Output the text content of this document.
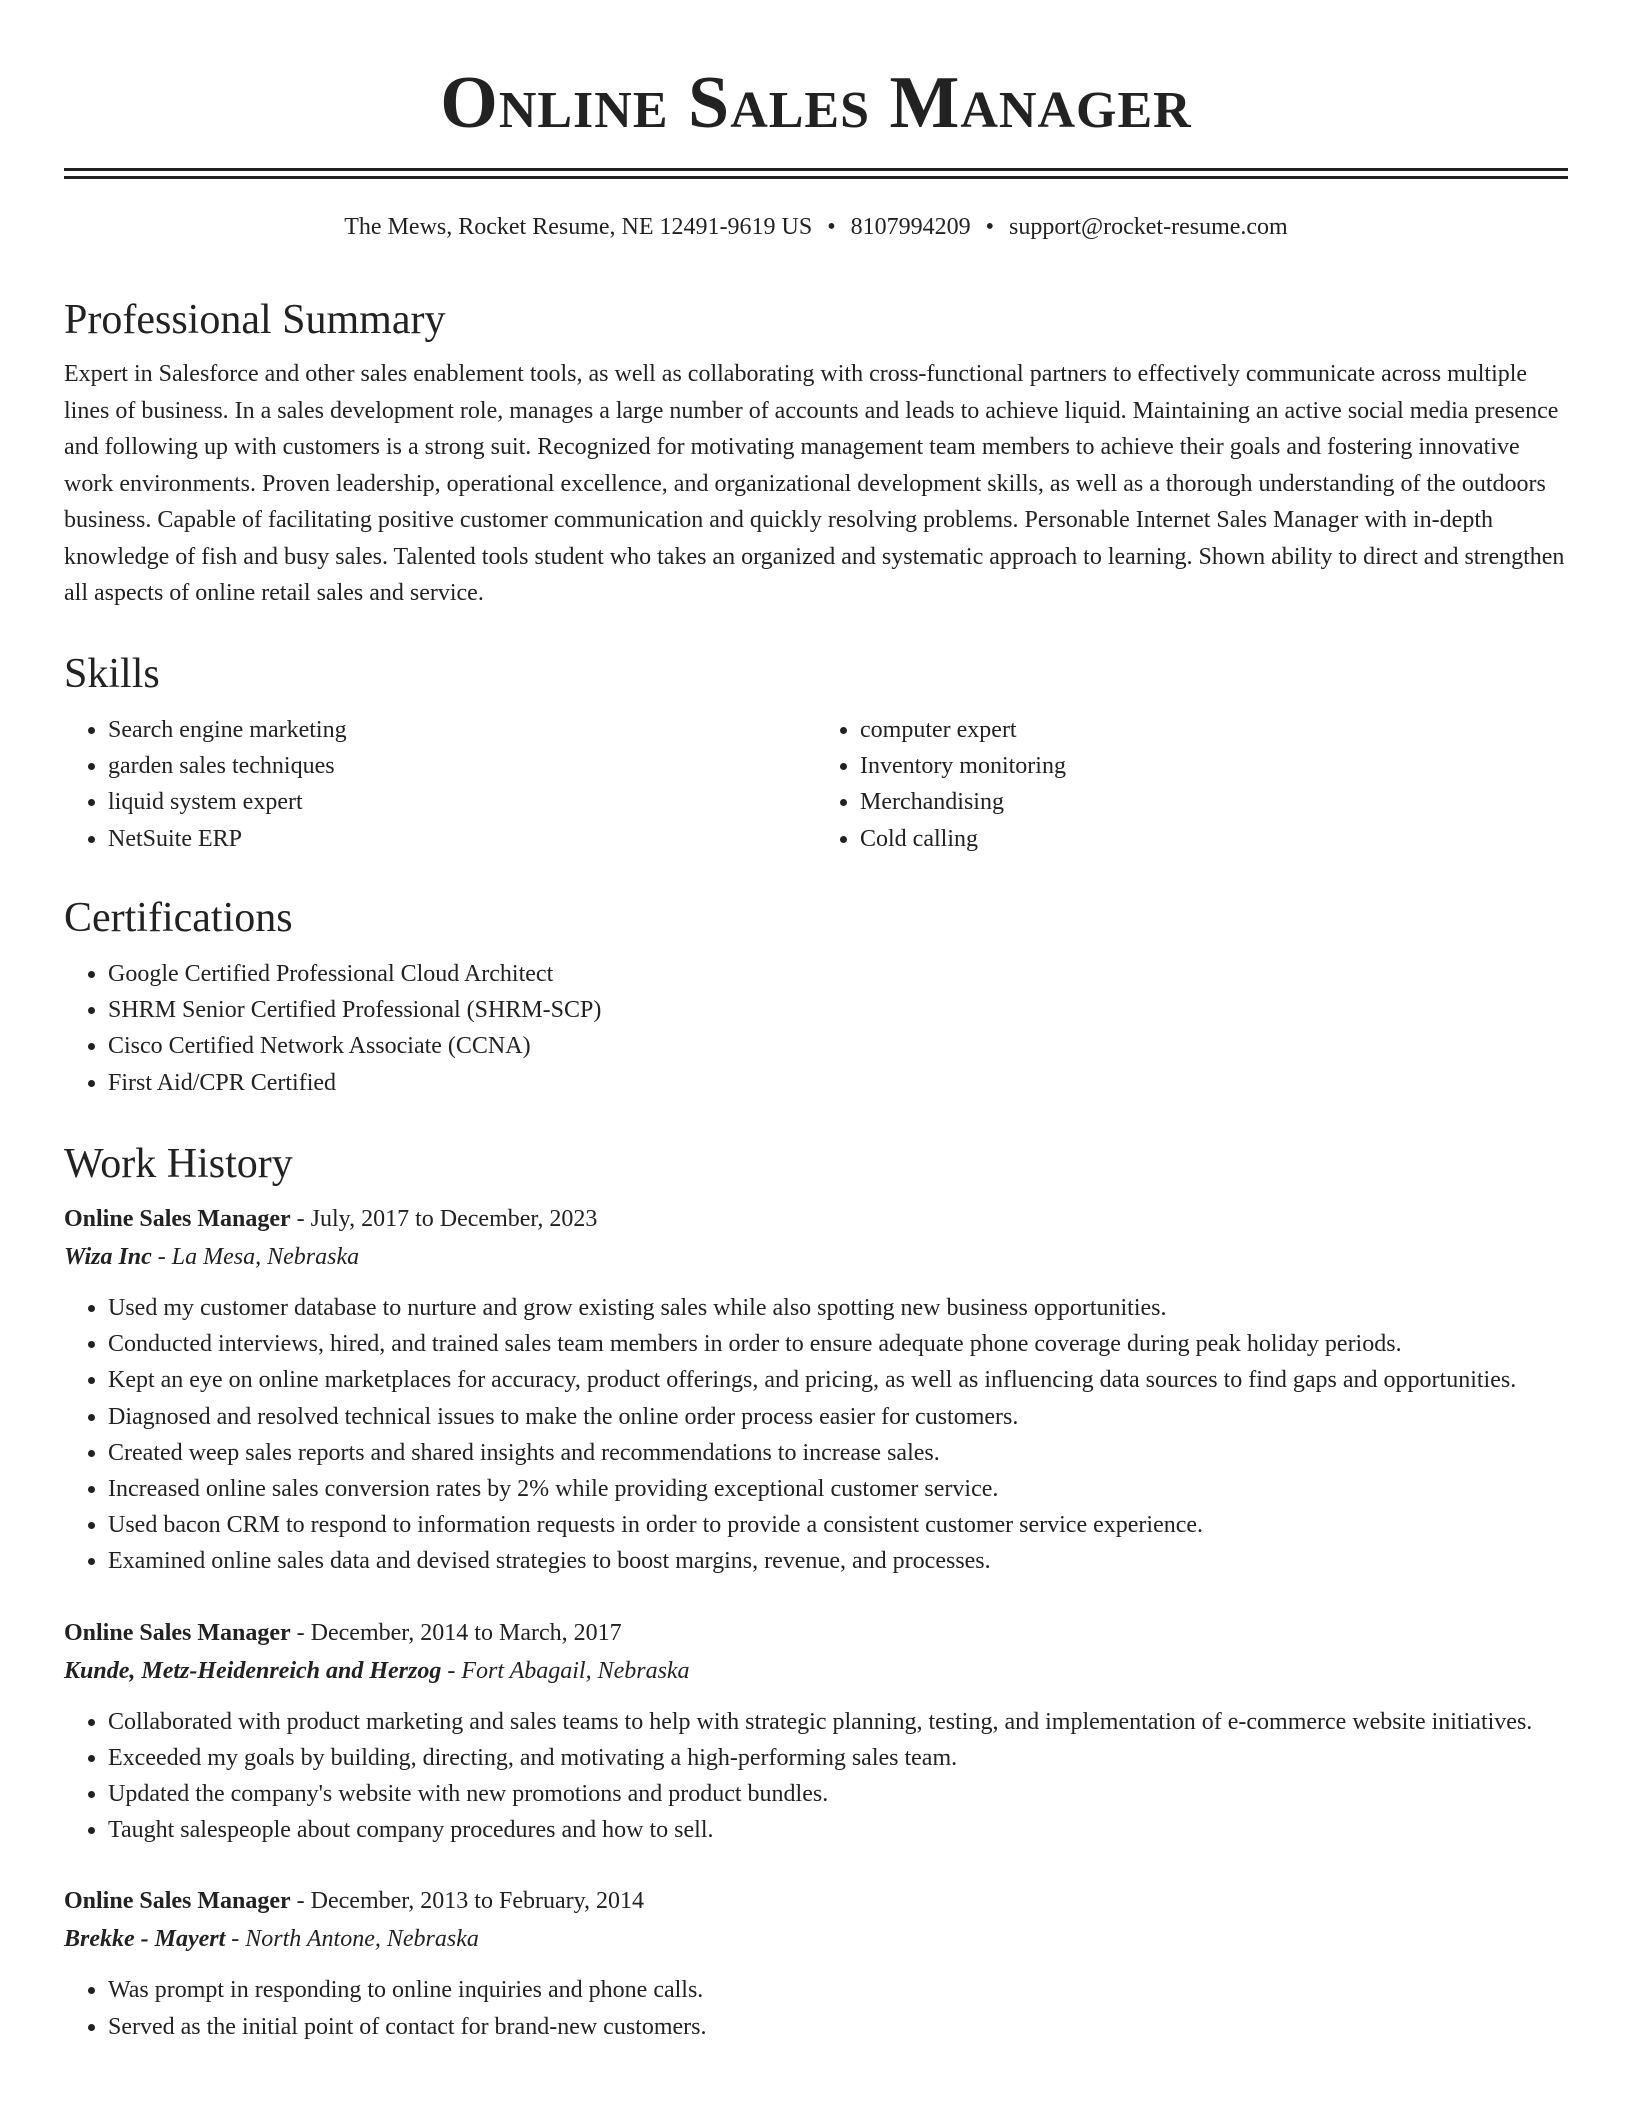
Online Sales Manager
The Mews, Rocket Resume, NE 12491-9619 US • 8107994209 • support@rocket-resume.com
Professional Summary

Expert in Salesforce and other sales enablement tools, as well as collaborating with cross-functional partners to effectively communicate across multiple lines of business. In a sales development role, manages a large number of accounts and leads to achieve liquid. Maintaining an active social media presence and following up with customers is a strong suit. Recognized for motivating management team members to achieve their goals and fostering innovative work environments. Proven leadership, operational excellence, and organizational development skills, as well as a thorough understanding of the outdoors business. Capable of facilitating positive customer communication and quickly resolving problems. Personable Internet Sales Manager with in-depth knowledge of fish and busy sales. Talented tools student who takes an organized and systematic approach to learning. Shown ability to direct and strengthen all aspects of online retail sales and service.

Skills
• Search engine marketing
• garden sales techniques
• liquid system expert
• NetSuite ERP
• computer expert
• Inventory monitoring
• Merchandising
• Cold calling
Certifications
• Google Certified Professional Cloud Architect
• SHRM Senior Certified Professional (SHRM-SCP)
• Cisco Certified Network Associate (CCNA)
• First Aid/CPR Certified
Work History
Online Sales Manager - July, 2017 to December, 2023
Wiza Inc - La Mesa, Nebraska
• Used my customer database to nurture and grow existing sales while also spotting new business opportunities.
• Conducted interviews, hired, and trained sales team members in order to ensure adequate phone coverage during peak holiday periods.
• Kept an eye on online marketplaces for accuracy, product offerings, and pricing, as well as influencing data sources to find gaps and opportunities.
• Diagnosed and resolved technical issues to make the online order process easier for customers.
• Created weep sales reports and shared insights and recommendations to increase sales.
• Increased online sales conversion rates by 2% while providing exceptional customer service.
• Used bacon CRM to respond to information requests in order to provide a consistent customer service experience.
• Examined online sales data and devised strategies to boost margins, revenue, and processes.
Online Sales Manager - December, 2014 to March, 2017
Kunde, Metz-Heidenreich and Herzog - Fort Abagail, Nebraska
• Collaborated with product marketing and sales teams to help with strategic planning, testing, and implementation of e-commerce website initiatives.
• Exceeded my goals by building, directing, and motivating a high-performing sales team.
• Updated the company's website with new promotions and product bundles.
• Taught salespeople about company procedures and how to sell.
Online Sales Manager - December, 2013 to February, 2014
Brekke - Mayert - North Antone, Nebraska
• Was prompt in responding to online inquiries and phone calls.
• Served as the initial point of contact for brand-new customers.
